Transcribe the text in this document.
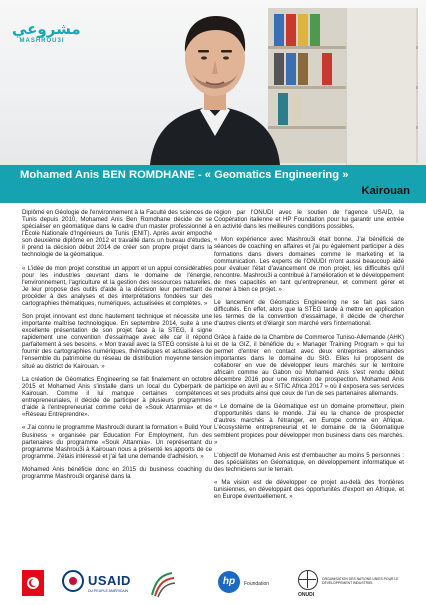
مشروعي
MASHROU3I
Mohamed Anis BEN ROMDHANE - « Geomatics Engineering »
Kairouan

Diplômé en Géologie de l'environnement à la Faculté des sciences de Tunis depuis 2010, Mohamed Anis Ben Romdhane décide de se spécialiser en géomatique dans le cadre d'un master professionnel à l'École Nationale d'Ingénieurs de Tunis (ENIT). Après avoir empoché son deuxième diplôme en 2012 et travaillé dans un bureau d'études, il prend la décision début 2014 de créer son propre projet dans la technologie de la géomatique.

« L'idée de mon projet constitue un apport et un appui considérables pour les industries œuvrant dans le domaine de l'énergie, l'environnement, l'agriculture et la gestion des ressources naturelles. Je leur propose des outils d'aide à la décision leur permettant de procéder à des analyses et des interprétations fondées sur des cartographies thématiques, numériques, actualisées et complètes. »

Son projet innovant est donc hautement technique et nécessite une importante maîtrise technologique. En septembre 2014, suite à une excellente présentation de son projet face à la STEG, il signe rapidement une convention d'essaimage avec elle car il répond parfaitement à ses besoins. « Mon travail avec la STEG consiste à lui fournir des cartographies numériques, thématiques et actualisées de l'ensemble du patrimoine du réseau de distribution moyenne tension situé au district de Kairouan. »

La création de Géomatics Engineering se fait finalement en octobre 2015 et Mohamed Anis s'installe dans un local du Cyberpark de Kairouan. Comme il lui manque certaines compétences entrepreneuriales, il décide de participer à plusieurs programmes d'aide à l'entrepreneuriat comme celui de «Souk Attanmia» et de «Réseau Entreprendre».

« J'ai connu le programme Mashrou3i durant la formation « Build Your Business » organisée par Education For Employment, l'un des partenaires du programme «Souk Attanmia». Un représentant du programme Mashrou3i à Kairouan nous a présenté les apports de ce programme. J'étais intéressé et j'ai fait une demande d'adhésion. »

Mohamed Anis bénéficie donc en 2015 du business coaching du programme Mashrou3i organisé dans la

région par l'ONUDI avec le soutien de l'agence USAID, la Coopération italienne et HP Foundation pour lui garantir une entrée en activité dans les meilleures conditions possibles.

« Mon expérience avec Mashrou3i était bonne. J'ai bénéficié de séances de coaching en affaires et j'ai pu également participer à des formations dans divers domaines comme le marketing et la communication. Les experts de l'ONUDI m'ont aussi beaucoup aidé pour évaluer l'état d'avancement de mon projet, les difficultés qu'il rencontre. Mashrou3i a contribué à l'amélioration et le développement de mes capacités en tant qu'entrepreneur, et comment gérer et mener à bien ce projet. »

Le lancement de Géomatics Engineering ne se fait pas sans difficultés. En effet, alors que la STEG tarde à mettre en application les termes de la convention d'essaimage, il décide de chercher d'autres clients et d'élargir son marché vers l'international.

Grâce à l'aide de la Chambre de Commerce Tuniso-Allemande (AHK) et de la GIZ, il bénéficie du « Manager Training Program » qui lui permet d'entrer en contact avec deux entreprises allemandes importantes dans le domaine du SIG. Elles lui proposent de collaborer en vue de développer leurs marchés sur le territoire africain comme au Gabon où Mohamed Anis s'est rendu début décembre 2016 pour une mission de prospection. Mohamed Anis participe en avril au « SITIC Africa 2017 » où il exposera ses services et ses produits ainsi que ceux de l'un de ses partenaires allemands.

« Le domaine de la Géomatique est un domaine prometteur, plein d'opportunités dans le monde. J'ai eu la chance de prospecter d'autres marchés à l'étranger, en Europe comme en Afrique. L'écosystème entrepreneurial et le domaine de la Géomatique semblent propices pour développer mon business dans ces marchés. »

L'objectif de Mohamed Anis est d'embaucher au moins 5 personnes : des spécialistes en Géomatique, en développement informatique et des techniciens sur le terrain.

« Ma vision est de développer ce projet au-delà des frontières tunisiennes, en développant des opportunités d'export en Afrique, et en Europe éventuellement. »

USAID
DU PEUPLE AMÉRICAIN
hp	Foundation
ONUDI
ORGANISATION DES NATIONS UNIES POUR LE DÉVELOPPEMENT INDUSTRIEL
